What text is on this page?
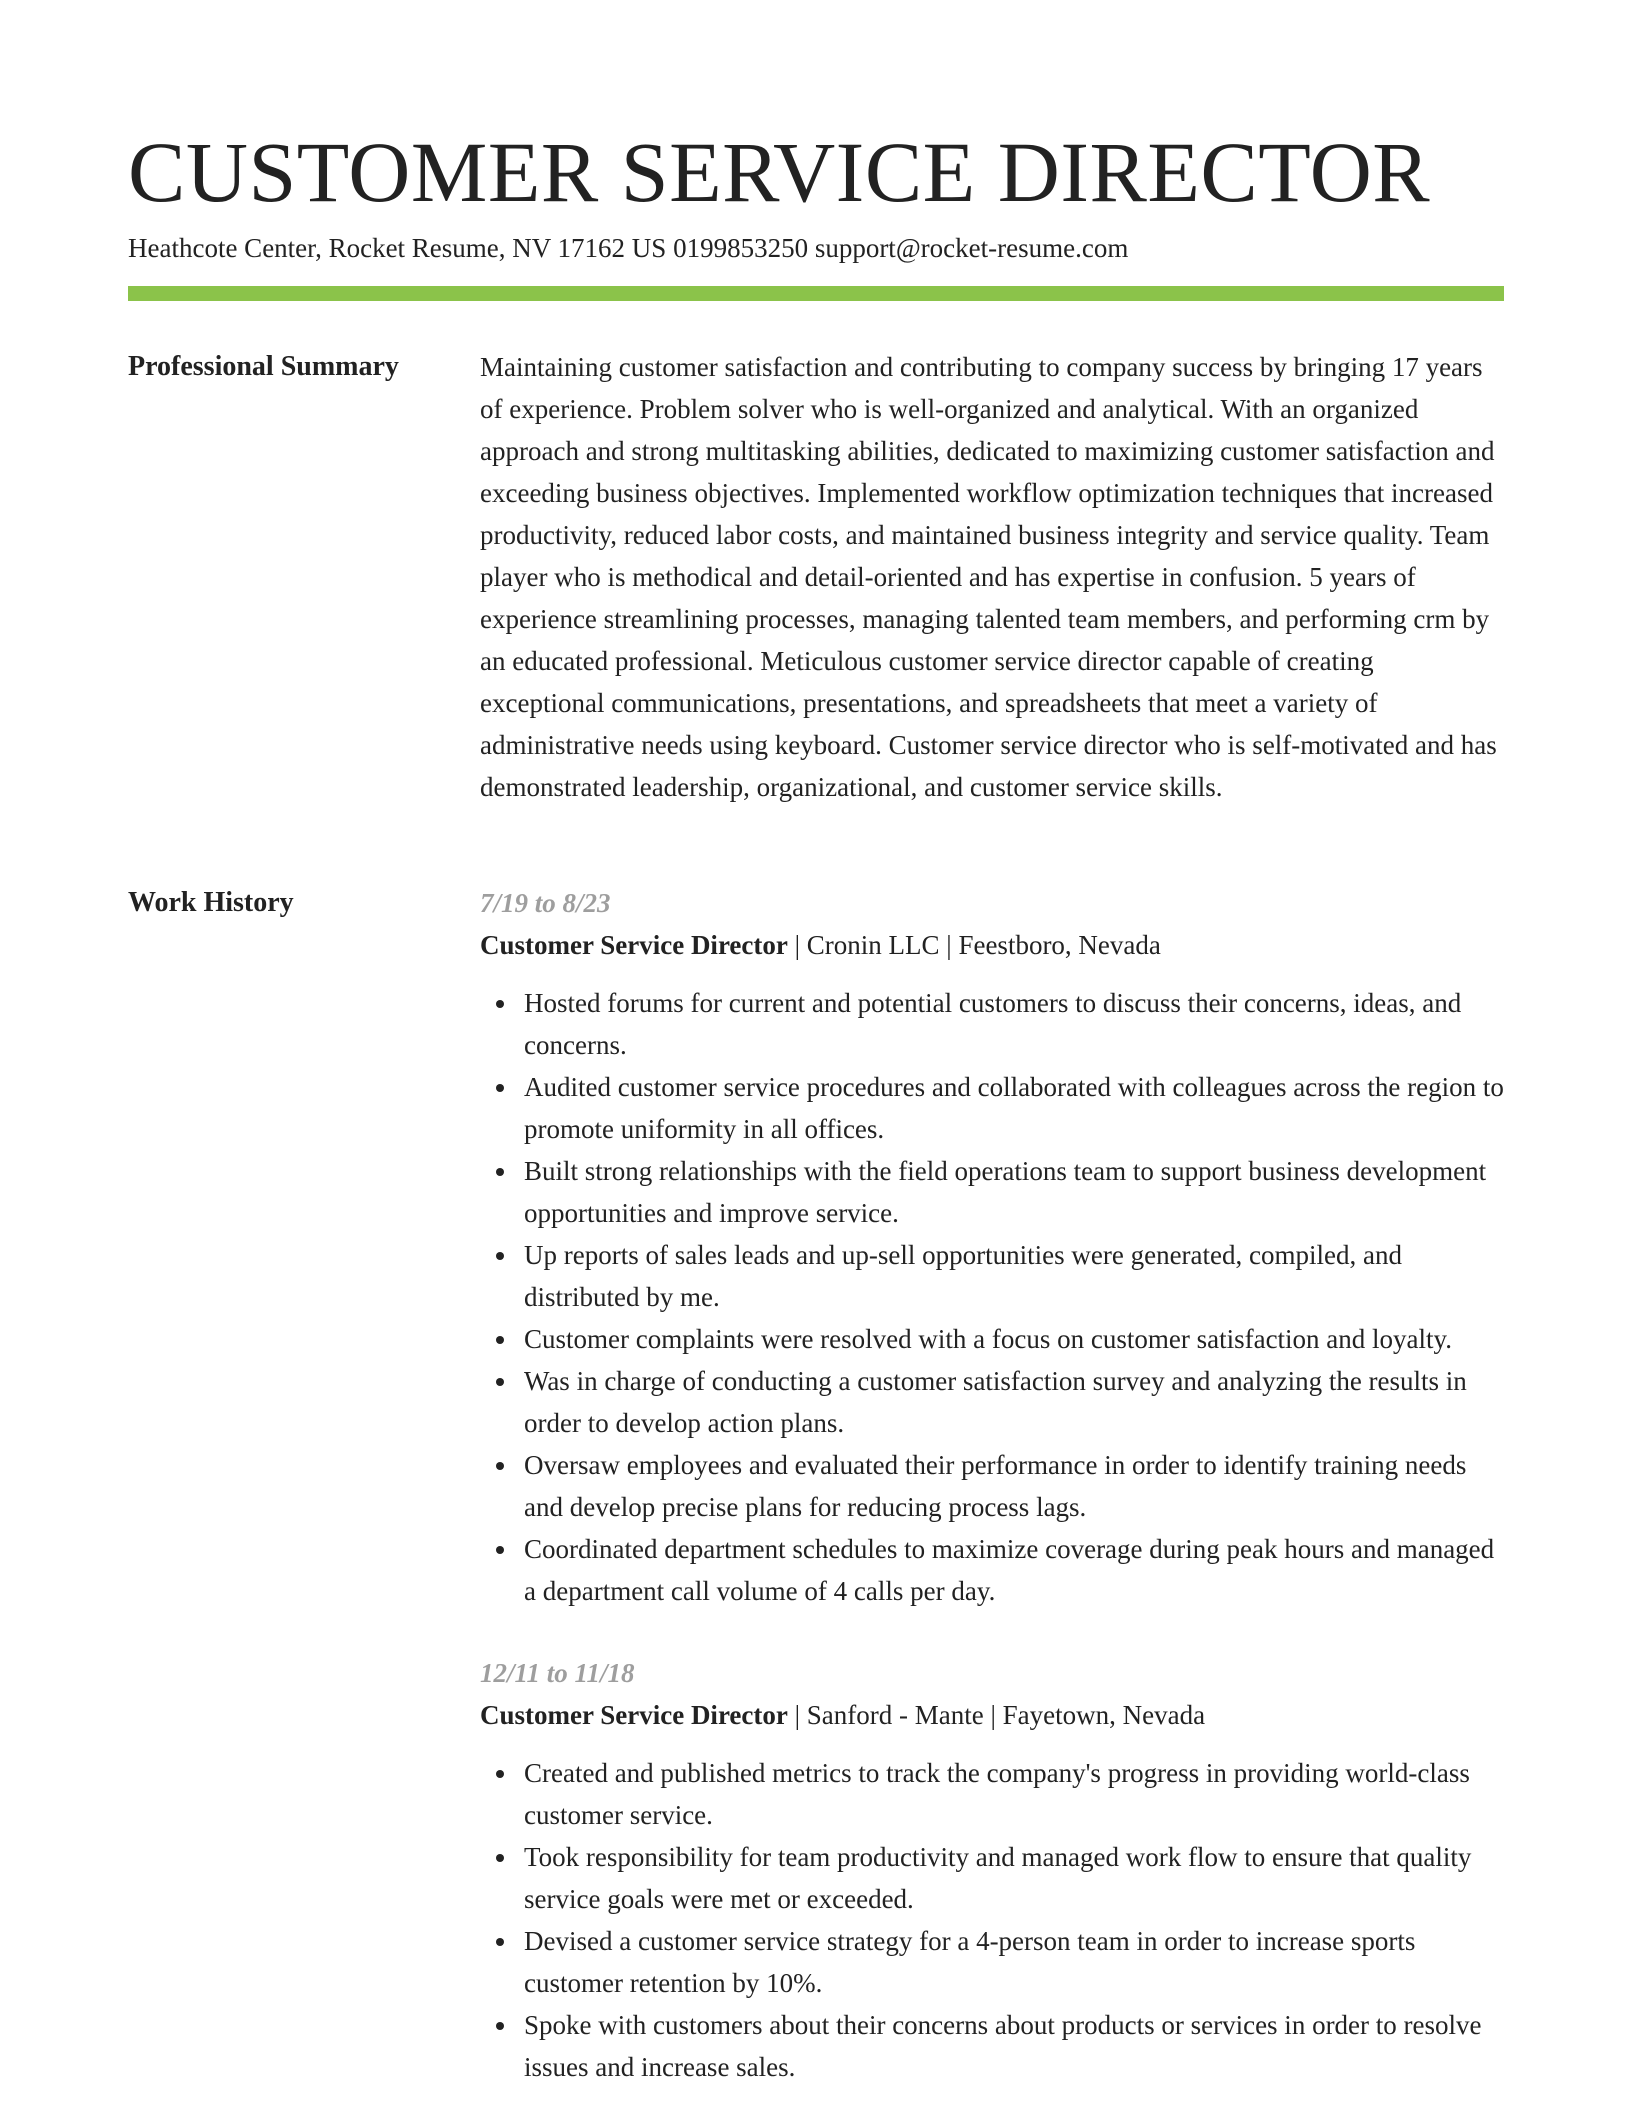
CUSTOMER SERVICE DIRECTOR
Heathcote Center, Rocket Resume, NV 17162 US 0199853250 support@rocket-resume.com
Professional Summary	Maintaining customer satisfaction and contributing to company success by bringing 17 years of experience. Problem solver who is well-organized and analytical. With an organized approach and strong multitasking abilities, dedicated to maximizing customer satisfaction and exceeding business objectives. Implemented workflow optimization techniques that increased productivity, reduced labor costs, and maintained business integrity and service quality. Team player who is methodical and detail-oriented and has expertise in confusion. 5 years of experience streamlining processes, managing talented team members, and performing crm by an educated professional. Meticulous customer service director capable of creating exceptional communications, presentations, and spreadsheets that meet a variety of administrative needs using keyboard. Customer service director who is self-motivated and has demonstrated leadership, organizational, and customer service skills.

Work History	7/19 to 8/23
Customer Service Director | Cronin LLC | Feestboro, Nevada
Hosted forums for current and potential customers to discuss their concerns, ideas, and concerns.
Audited customer service procedures and collaborated with colleagues across the region to promote uniformity in all offices.
Built strong relationships with the field operations team to support business development opportunities and improve service.
Up reports of sales leads and up-sell opportunities were generated, compiled, and distributed by me.
Customer complaints were resolved with a focus on customer satisfaction and loyalty.
Was in charge of conducting a customer satisfaction survey and analyzing the results in order to develop action plans.
Oversaw employees and evaluated their performance in order to identify training needs and develop precise plans for reducing process lags.
Coordinated department schedules to maximize coverage during peak hours and managed a department call volume of 4 calls per day.
12/11 to 11/18
Customer Service Director | Sanford - Mante | Fayetown, Nevada
Created and published metrics to track the company's progress in providing world-class customer service.
Took responsibility for team productivity and managed work flow to ensure that quality service goals were met or exceeded.
Devised a customer service strategy for a 4-person team in order to increase sports customer retention by 10%.
Spoke with customers about their concerns about products or services in order to resolve issues and increase sales.
